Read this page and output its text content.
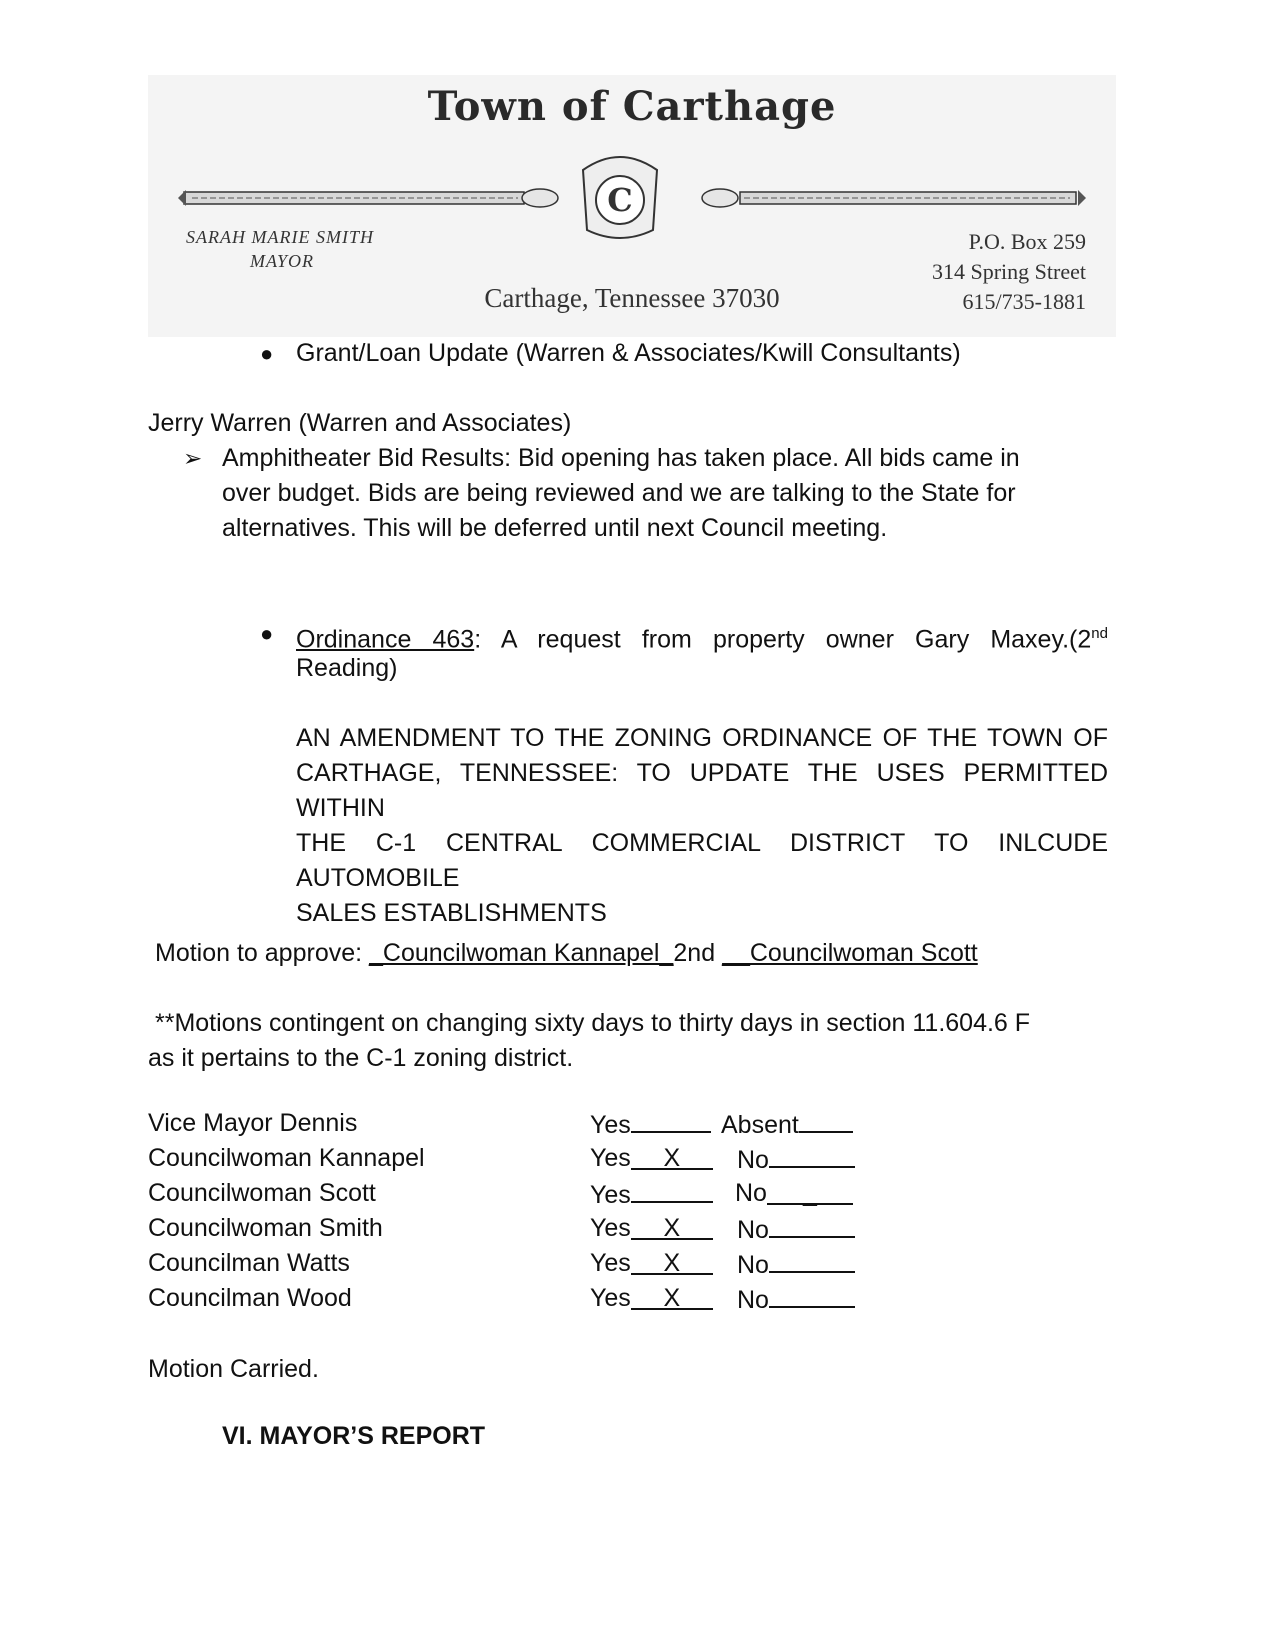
Town of Carthage
C
SARAH MARIE SMITH
MAYOR
Carthage, Tennessee 37030
P.O. Box 259
314 Spring Street
615/735-1881
● Grant/Loan Update (Warren & Associates/Kwill Consultants)
Jerry Warren (Warren and Associates)
➢ Amphitheater Bid Results: Bid opening has taken place. All bids came in
over budget. Bids are being reviewed and we are talking to the State for
alternatives. This will be deferred until next Council meeting.
● Ordinance 463: A request from property owner Gary Maxey.(2nd
Reading)
AN AMENDMENT TO THE ZONING ORDINANCE OF THE TOWN OF
CARTHAGE, TENNESSEE: TO UPDATE THE USES PERMITTED WITHIN
THE C-1 CENTRAL COMMERCIAL DISTRICT TO INLCUDE AUTOMOBILE
SALES ESTABLISHMENTS
Motion to approve: _Councilwoman Kannapel_2nd __Councilwoman Scott
**Motions contingent on changing sixty days to thirty days in section 11.604.6 F
as it pertains to the C-1 zoning district.
Vice Mayor Dennis	Yes	Absent
Councilwoman Kannapel	Yes X	No
Councilwoman Scott	Yes	No _
Councilwoman Smith	Yes X	No
Councilman Watts	Yes X	No
Councilman Wood	Yes X	No
Motion Carried.
VI. MAYOR’S REPORT
